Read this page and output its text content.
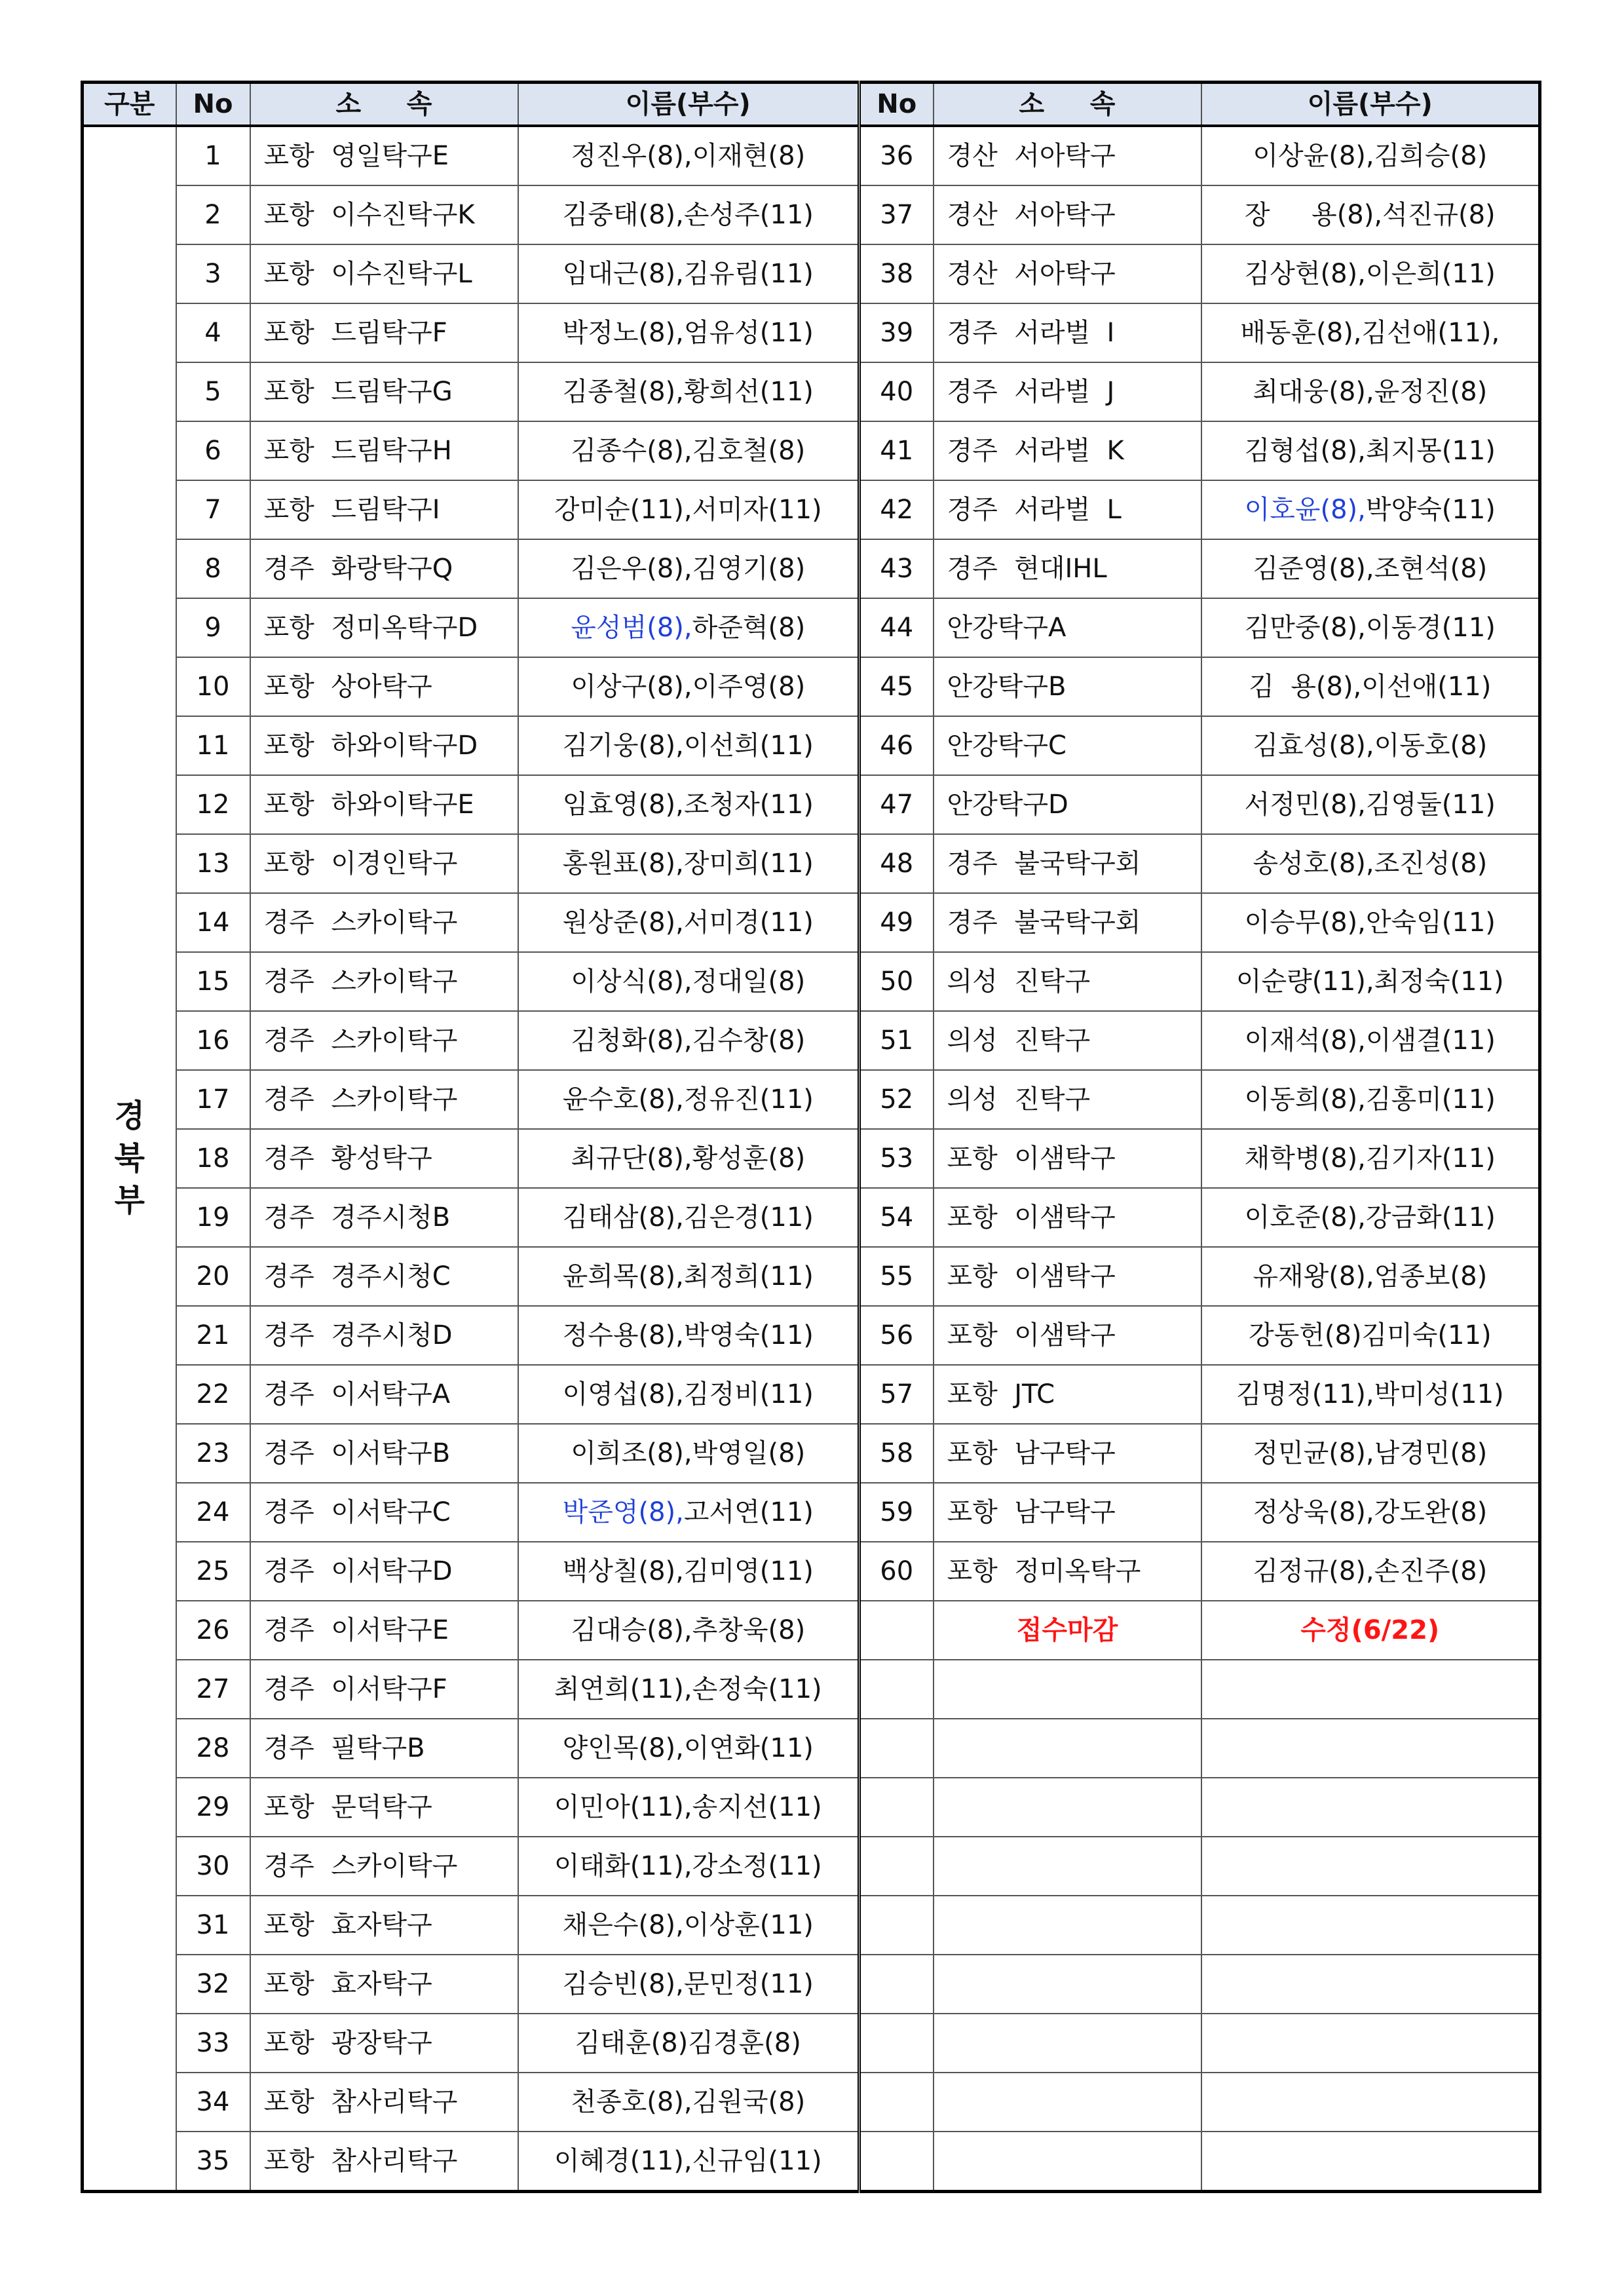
구분	No	소     속	이름(부수)	No	소     속	이름(부수)

경
북
부	1	포항  영일탁구E	정진우(8),이재현(8)	36	경산  서아탁구	이상윤(8),김희승(8)
	2	포항  이수진탁구K	김중태(8),손성주(11)	37	경산  서아탁구	장     용(8),석진규(8)
	3	포항  이수진탁구L	임대근(8),김유림(11)	38	경산  서아탁구	김상현(8),이은희(11)
	4	포항  드림탁구F	박정노(8),엄유성(11)	39	경주  서라벌  I	배동훈(8),김선애(11),
	5	포항  드림탁구G	김종철(8),황희선(11)	40	경주  서라벌  J	최대웅(8),윤정진(8)
	6	포항  드림탁구H	김종수(8),김호철(8)	41	경주  서라벌  K	김형섭(8),최지몽(11)
	7	포항  드림탁구I	강미순(11),서미자(11)	42	경주  서라벌  L	이호윤(8),박양숙(11)
	8	경주  화랑탁구Q	김은우(8),김영기(8)	43	경주  현대IHL	김준영(8),조현석(8)
	9	포항  정미옥탁구D	윤성범(8),하준혁(8)	44	안강탁구A	김만중(8),이동경(11)
	10	포항  상아탁구	이상구(8),이주영(8)	45	안강탁구B	김  용(8),이선애(11)
	11	포항  하와이탁구D	김기웅(8),이선희(11)	46	안강탁구C	김효성(8),이동호(8)
	12	포항  하와이탁구E	임효영(8),조청자(11)	47	안강탁구D	서정민(8),김영둘(11)
	13	포항  이경인탁구	홍원표(8),장미희(11)	48	경주  불국탁구회	송성호(8),조진성(8)
	14	경주  스카이탁구	원상준(8),서미경(11)	49	경주  불국탁구회	이승무(8),안숙임(11)
	15	경주  스카이탁구	이상식(8),정대일(8)	50	의성  진탁구	이순량(11),최정숙(11)
	16	경주  스카이탁구	김청화(8),김수창(8)	51	의성  진탁구	이재석(8),이샘결(11)
	17	경주  스카이탁구	윤수호(8),정유진(11)	52	의성  진탁구	이동희(8),김홍미(11)
	18	경주  황성탁구	최규단(8),황성훈(8)	53	포항  이샘탁구	채학병(8),김기자(11)
	19	경주  경주시청B	김태삼(8),김은경(11)	54	포항  이샘탁구	이호준(8),강금화(11)
	20	경주  경주시청C	윤희목(8),최정희(11)	55	포항  이샘탁구	유재왕(8),엄종보(8)
	21	경주  경주시청D	정수용(8),박영숙(11)	56	포항  이샘탁구	강동헌(8)김미숙(11)
	22	경주  이서탁구A	이영섭(8),김정비(11)	57	포항  JTC	김명정(11),박미성(11)
	23	경주  이서탁구B	이희조(8),박영일(8)	58	포항  남구탁구	정민균(8),남경민(8)
	24	경주  이서탁구C	박준영(8),고서연(11)	59	포항  남구탁구	정상욱(8),강도완(8)
	25	경주  이서탁구D	백상칠(8),김미영(11)	60	포항  정미옥탁구	김정규(8),손진주(8)
	26	경주  이서탁구E	김대승(8),추창욱(8)		접수마감	수정(6/22)
	27	경주  이서탁구F	최연희(11),손정숙(11)			
	28	경주  필탁구B	양인목(8),이연화(11)			
	29	포항  문덕탁구	이민아(11),송지선(11)			
	30	경주  스카이탁구	이태화(11),강소정(11)			
	31	포항  효자탁구	채은수(8),이상훈(11)			
	32	포항  효자탁구	김승빈(8),문민정(11)			
	33	포항  광장탁구	김태훈(8)김경훈(8)			
	34	포항  참사리탁구	천종호(8),김원국(8)			
	35	포항  참사리탁구	이혜경(11),신규임(11)			
